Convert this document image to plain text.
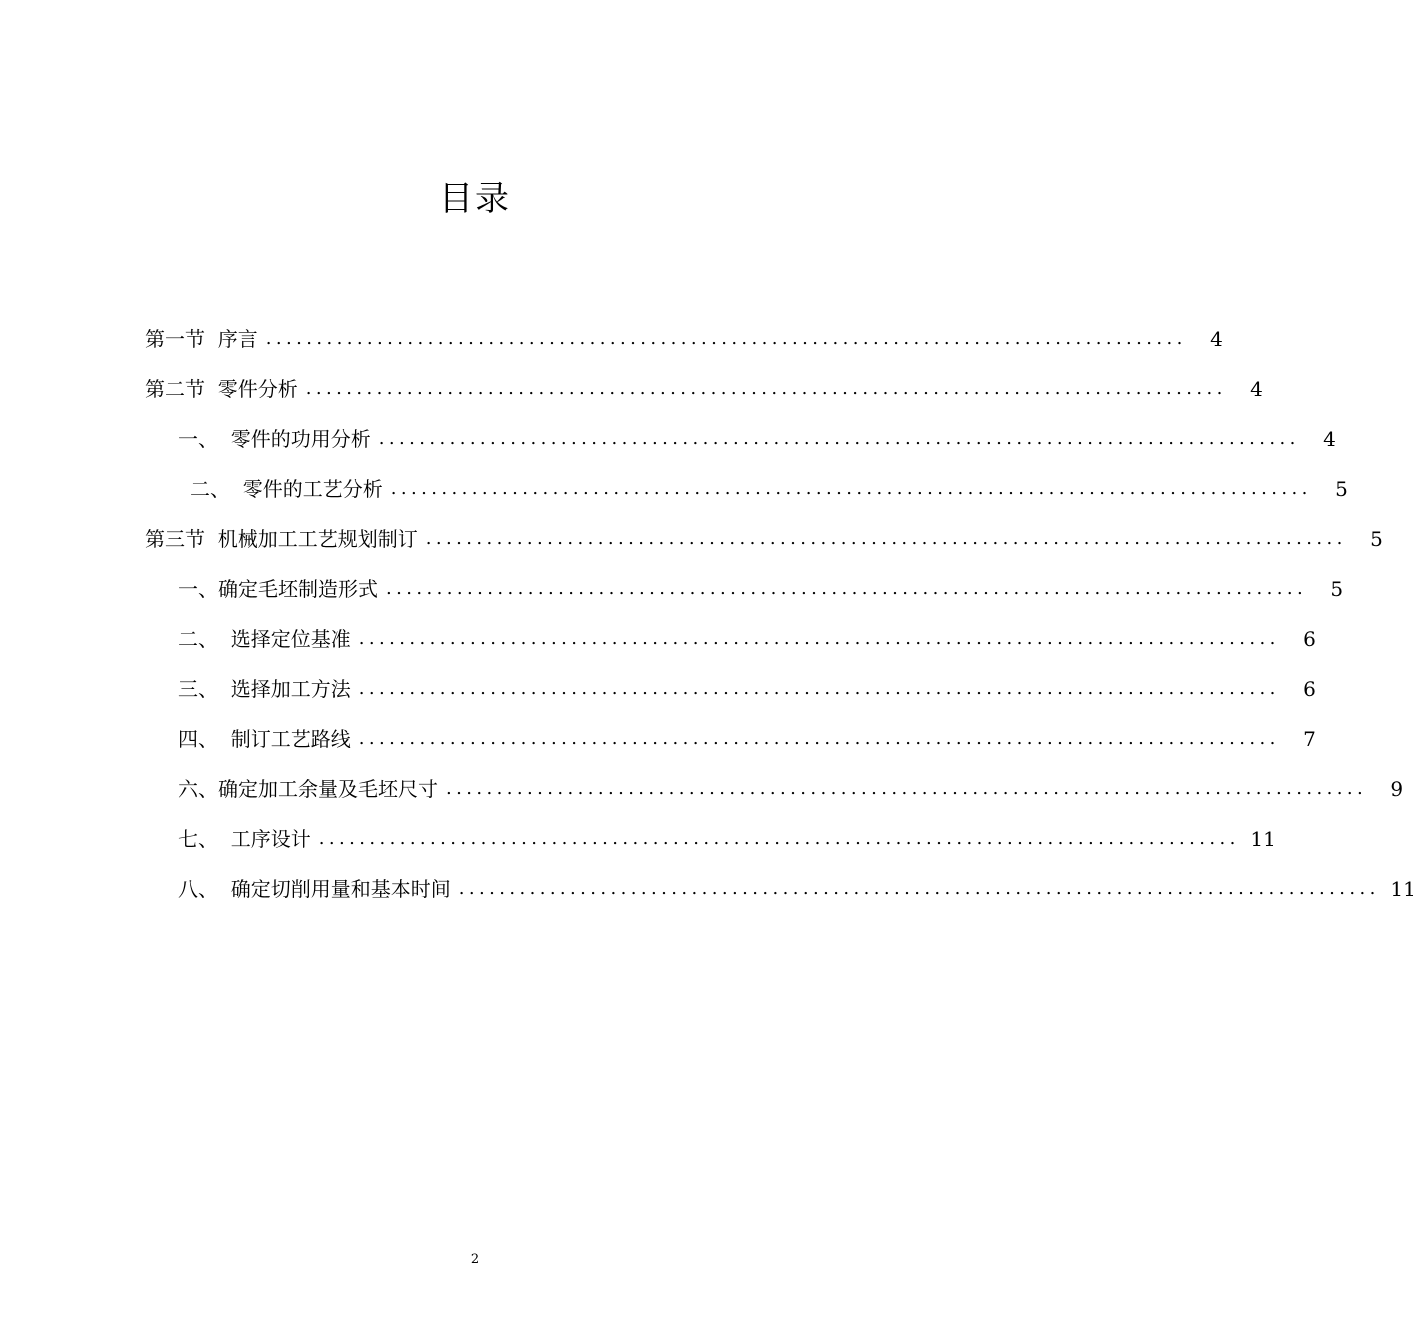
目录
第一节  序言 ...........................................................................................	4
第二节  零件分析 ...........................................................................................	4
一、  零件的功用分析 ...........................................................................................	4
二、  零件的工艺分析 ...........................................................................................	5
第三节  机械加工工艺规划制订 ...........................................................................................	5
一、确定毛坯制造形式 ...........................................................................................	5
二、  选择定位基准 ...........................................................................................	6
三、  选择加工方法 ...........................................................................................	6
四、  制订工艺路线 ...........................................................................................	7
六、确定加工余量及毛坯尺寸 ...........................................................................................	9
七、  工序设计 ........................................................................................... 11
八、  确定切削用量和基本时间 ........................................................................................... 11
2
